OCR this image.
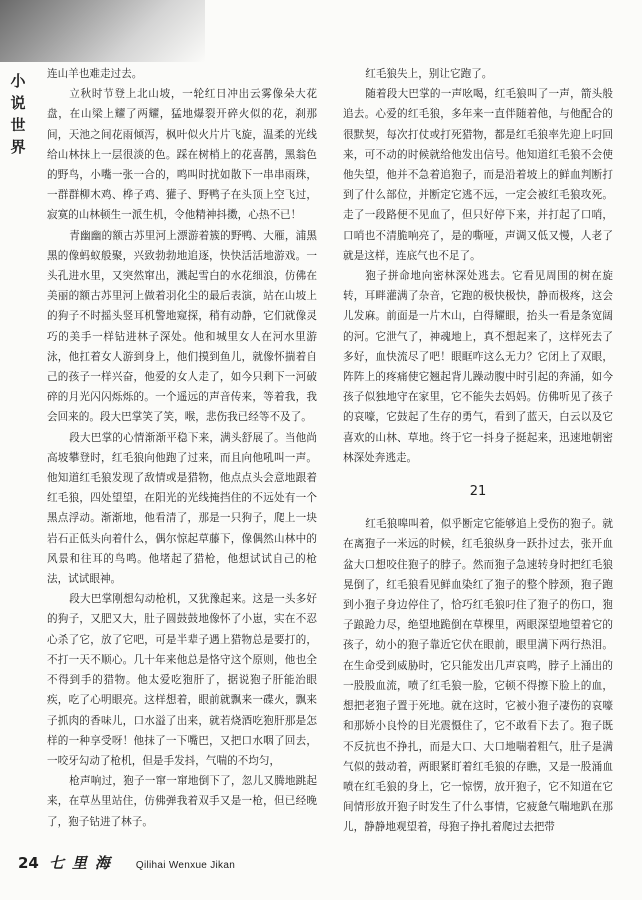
小
说
世
界

连山羊也难走过去。

立秋时节登上北山坡，一轮红日冲出云雾像朵大花盘，在山梁上耀了两耀，猛地爆裂开碎火似的花，刹那间，天池之间花雨倾泻，枫叶似火片片飞旋，温柔的光线给山林抹上一层很淡的色。踩在树梢上的花喜鹊，黑翁色的野鸟，小嘴一张一合的，鸣叫时扰如散下一串串雨珠，一群群柳木鸡、桦子鸡、獾子、野鸭子在头顶上空飞过，寂寞的山林顿生一派生机，令他精神抖擞，心热不已！

青幽幽的额古苏里河上漂游着簇的野鸭、大雁，浦黑黑的像蚂蚁般聚，兴致勃勃地追逐，快快活活地游戏。一头孔进水里，又突然窜出，溅起雪白的水花细浪，仿佛在美丽的额古苏里河上做着羽化尘的最后表演，站在山坡上的狗子不时摇头竖耳机警地窥探，稍有动静，它们就像灵巧的美手一样钻进林子深处。他和城里女人在河水里游泳，他扛着女人游到身上，他们摸到鱼儿，就像怀揣着自己的孩子一样兴奋，他爱的女人走了，如今只剩下一河破碎的月光闪闪烁烁的。一个遥远的声音传来，等着我，我会回来的。段大巴掌笑了笑，喉，悲伤我已经等不及了。

段大巴掌的心情渐渐平稳下来，满头舒展了。当他尚高坡攀登时，红毛狼向他跑了过来，而且向他吼叫一声。他知道红毛狼发现了敌情或是猎物，他点点头会意地跟着红毛狼，四处望望，在阳光的光线掩挡住的不远处有一个黑点浮动。渐渐地，他看清了，那是一只狗子，爬上一块岩石正低头向着什么，偶尔惊起草藤下，像偶然山林中的风景和往耳的鸟鸣。他堵起了猎枪，他想试试自己的枪法，试试眼神。

段大巴掌刚想勾动枪机，又犹豫起来。这是一头多好的狗子，又肥又大，肚子圆鼓鼓地像怀了小崽，实在不忍心杀了它，放了它吧，可是半辈子遇上猎物总是要打的，不打一天不顺心。几十年来他总是恪守这个原则，他也全不得到手的猎物。他太爱吃狍肝了，据说狍子肝能治眼疾，吃了心明眼亮。这样想着，眼前就飘来一碟火，飘来子抓肉的香味儿，口水溢了出来，就若烧酒吃狍肝那是怎样的一种享受呀！他抹了一下嘴巴，又把口水咽了回去，一咬牙勾动了枪机，但是手发抖，气喘的不均匀，

枪声响过，狍子一窜一窜地倒下了，忽儿又腾地跳起来，在草丛里站住，仿佛弹我着双手又是一枪，但已经晚了，狍子钻进了林子。

红毛狼失上，别让它跑了。

随着段大巴掌的一声吆喝，红毛狼叫了一声，箭头般追去。心爱的红毛狼，多年来一直伴随着他，与他配合的很默契，每次打仗或打死猎物，都是红毛狼率先迎上叼回来，可不动的时候就给他发出信号。他知道红毛狼不会使他失望，他并不急着追狍子，而是沿着坡上的鲜血判断打到了什么部位，并断定它逃不远，一定会被红毛狼攻死。走了一段路便不见血了，但只好停下来，并打起了口哨，口哨也不清脆响亮了，是的嘶哑，声调又低又慢，人老了就是这样，连底气也不足了。

狍子拼命地向密林深处逃去。它看见周围的树在旋转，耳畔灌满了杂音，它跑的极快极快，静而极疼，这会儿发麻。前面是一片木山，白得耀眼，抬头一看是条宽阔的河。它泄气了，神魂地上，真不想起来了，这样死去了多好，血快流尽了吧！眼眶咋这么无力？它闭上了双眼，阵阵上的疼痛使它翘起背儿躁动腹中时引起的奔涌，如今孩子似独地守在家里，它不能失去妈妈。仿佛听见了孩子的哀嚎，它鼓起了生存的勇气，看到了蓝天，白云以及它喜欢的山林、草地。终于它一抖身子挺起来，迅速地朝密林深处奔逃走。

21

红毛狼嗥叫着，似乎断定它能够追上受伤的狍子。就在离狍子一米远的时候，红毛狼纵身一跃扑过去，张开血盆大口想咬住狍子的脖子。然而狍子急速转身时把红毛狼晃倒了，红毛狼看见鲜血染红了狍子的整个脖颈，狍子跑到小狍子身边停住了，恰巧红毛狼叼住了狍子的伤口，狍子踉跄力尽，绝望地跪倒在草棵里，两眼深望地望着它的孩子，幼小的狍子靠近它伏在眼前，眼里满下两行热泪。在生命受到威胁时，它只能发出几声哀鸣，脖子上涌出的一股股血流，喷了红毛狼一脸，它顿不得擦下脸上的血，想把老狍子置于死地。就在这时，它被小狍子凄伤的哀嚎和那娇小良怜的目光震慑住了，它不敢看下去了。狍子既不反抗也不挣扎，而是大口、大口地喘着粗气，肚子是满气似的鼓动着，两眼紧盯着红毛狼的存瞧，又是一股涌血喷在红毛狼的身上，它一惊愣，放开狍子，它不知道在它间情形放开狍子时发生了什么事情，它疲惫气喘地趴在那儿，静静地观望着，母狍子挣扎着爬过去把带

24 七里海 Qilihai Wenxue Jikan
